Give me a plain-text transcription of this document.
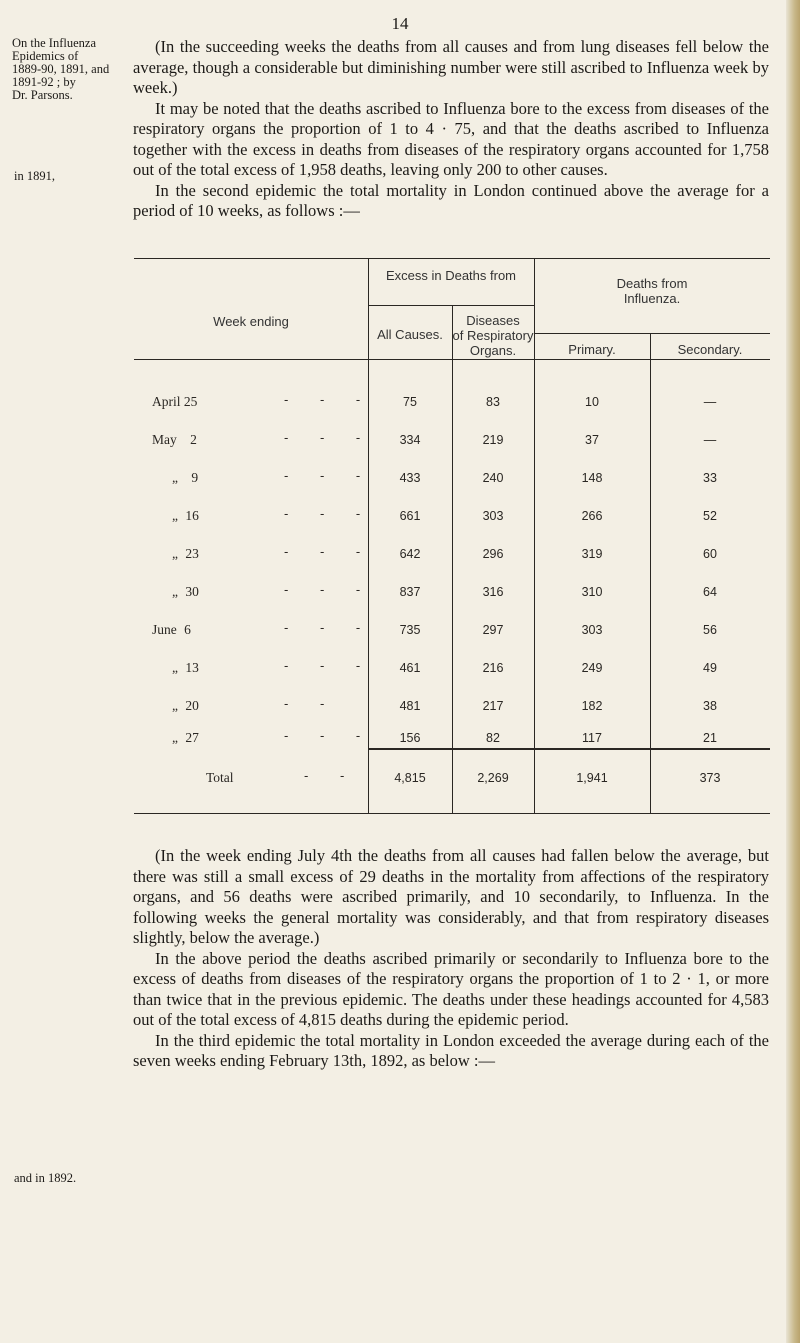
14
On the Influenza
Epidemics of
1889-90, 1891, and
1891-92 ; by
Dr. Parsons.
in 1891,
and in 1892.

(In the succeeding weeks the deaths from all causes and from lung diseases fell below the average, though a considerable but diminishing number were still ascribed to Influenza week by week.)

It may be noted that the deaths ascribed to Influenza bore to the excess from diseases of the respiratory organs the proportion of 1 to 4 · 75, and that the deaths ascribed to Influenza together with the excess in deaths from diseases of the respiratory organs accounted for 1,758 out of the total excess of 1,958 deaths, leaving only 200 to other causes.

In the second epidemic the total mortality in London continued above the average for a period of 10 weeks, as follows :—

Excess in Deaths from
Deaths from
Influenza.
Week ending
All Causes.
Diseases
of Respiratory
Organs.	Primary.	Secondary.
April 25	- - -	75	83	10	—
May 2	- - -	334	219	37	—
„ 9	- - -	433	240	148	33
„ 16	- - -	661	303	266	52
„ 23	- - -	642	296	319	60
„ 30	- - -	837	316	310	64
June 6	- - -	735	297	303	56
„ 13	- - -	461	216	249	49
„ 20	- -	481	217	182	38
„ 27	- - -	156	82	117	21
Total	- -	4,815	2,269	1,941	373

(In the week ending July 4th the deaths from all causes had fallen below the average, but there was still a small excess of 29 deaths in the mortality from affections of the respiratory organs, and 56 deaths were ascribed primarily, and 10 secondarily, to Influenza. In the following weeks the general mortality was considerably, and that from respiratory diseases slightly, below the average.)

In the above period the deaths ascribed primarily or secondarily to Influenza bore to the excess of deaths from diseases of the respiratory organs the proportion of 1 to 2 · 1, or more than twice that in the previous epidemic. The deaths under these headings accounted for 4,583 out of the total excess of 4,815 deaths during the epidemic period.

In the third epidemic the total mortality in London exceeded the average during each of the seven weeks ending February 13th, 1892, as below :—
